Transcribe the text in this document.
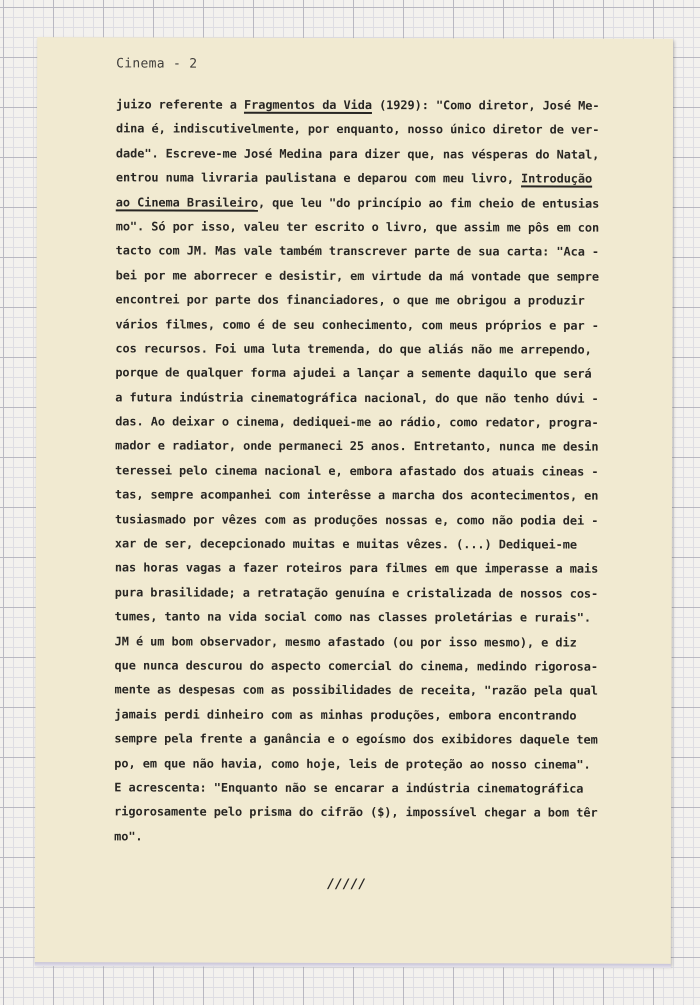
Cinema - 2
juizo referente a Fragmentos da Vida (1929): "Como diretor, José Me-
dina é, indiscutivelmente, por enquanto, nosso único diretor de ver-
dade". Escreve-me José Medina para dizer que, nas vésperas do Natal,
entrou numa livraria paulistana e deparou com meu livro, Introdução
ao Cinema Brasileiro, que leu "do princípio ao fim cheio de entusias
mo". Só por isso, valeu ter escrito o livro, que assim me pôs em con
tacto com JM. Mas vale também transcrever parte de sua carta: "Aca -
bei por me aborrecer e desistir, em virtude da má vontade que sempre
encontrei por parte dos financiadores, o que me obrigou a produzir
vários filmes, como é de seu conhecimento, com meus próprios e par -
cos recursos. Foi uma luta tremenda, do que aliás não me arrependo,
porque de qualquer forma ajudei a lançar a semente daquilo que será
a futura indústria cinematográfica nacional, do que não tenho dúvi -
das. Ao deixar o cinema, dediquei-me ao rádio, como redator, progra-
mador e radiator, onde permaneci 25 anos. Entretanto, nunca me desin
teressei pelo cinema nacional e, embora afastado dos atuais cineas -
tas, sempre acompanhei com interêsse a marcha dos acontecimentos, en
tusiasmado por vêzes com as produções nossas e, como não podia dei -
xar de ser, decepcionado muitas e muitas vêzes. (...) Dediquei-me
nas horas vagas a fazer roteiros para filmes em que imperasse a mais
pura brasilidade; a retratação genuína e cristalizada de nossos cos-
tumes, tanto na vida social como nas classes proletárias e rurais".
JM é um bom observador, mesmo afastado (ou por isso mesmo), e diz
que nunca descurou do aspecto comercial do cinema, medindo rigorosa-
mente as despesas com as possibilidades de receita, "razão pela qual
jamais perdi dinheiro com as minhas produções, embora encontrando
sempre pela frente a ganância e o egoísmo dos exibidores daquele tem
po, em que não havia, como hoje, leis de proteção ao nosso cinema".
E acrescenta: "Enquanto não se encarar a indústria cinematográfica
rigorosamente pelo prisma do cifrão ($), impossível chegar a bom têr
mo".
/////
